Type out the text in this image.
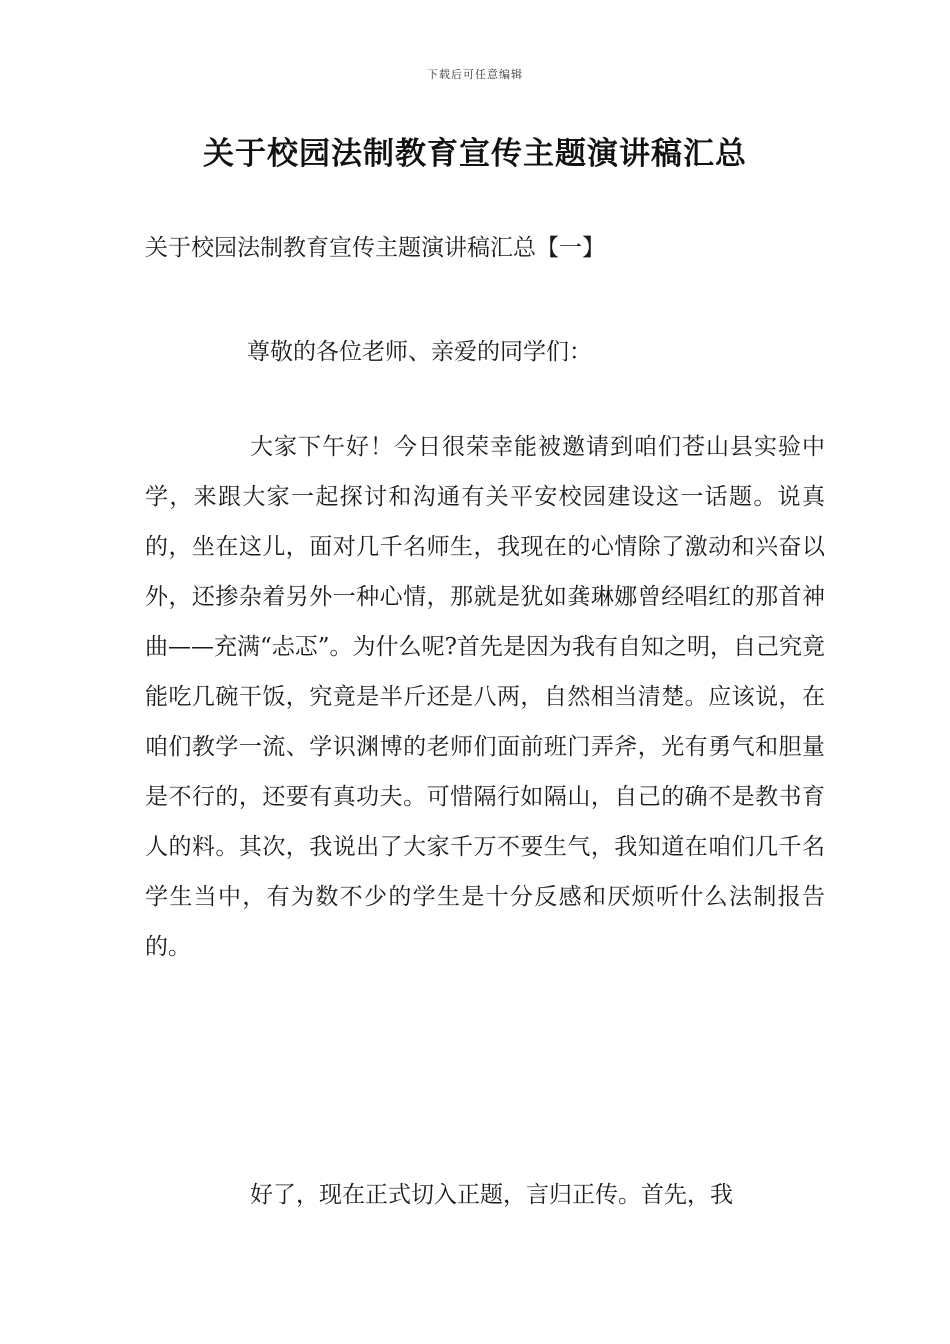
下载后可任意编辑
关于校园法制教育宣传主题演讲稿汇总
关于校园法制教育宣传主题演讲稿汇总【一】
尊敬的各位老师、亲爱的同学们：

大家下午好！今日很荣幸能被邀请到咱们苍山县实验中学，来跟大家一起探讨和沟通有关平安校园建设这一话题。说真的，坐在这儿，面对几千名师生，我现在的心情除了激动和兴奋以外，还掺杂着另外一种心情，那就是犹如龚琳娜曾经唱红的那首神曲——充满“忐忑”。为什么呢?首先是因为我有自知之明，自己究竟能吃几碗干饭，究竟是半斤还是八两，自然相当清楚。应该说，在咱们教学一流、学识渊博的老师们面前班门弄斧，光有勇气和胆量是不行的，还要有真功夫。可惜隔行如隔山，自己的确不是教书育人的料。其次，我说出了大家千万不要生气，我知道在咱们几千名学生当中，有为数不少的学生是十分反感和厌烦听什么法制报告的。

好了，现在正式切入正题，言归正传。首先，我
